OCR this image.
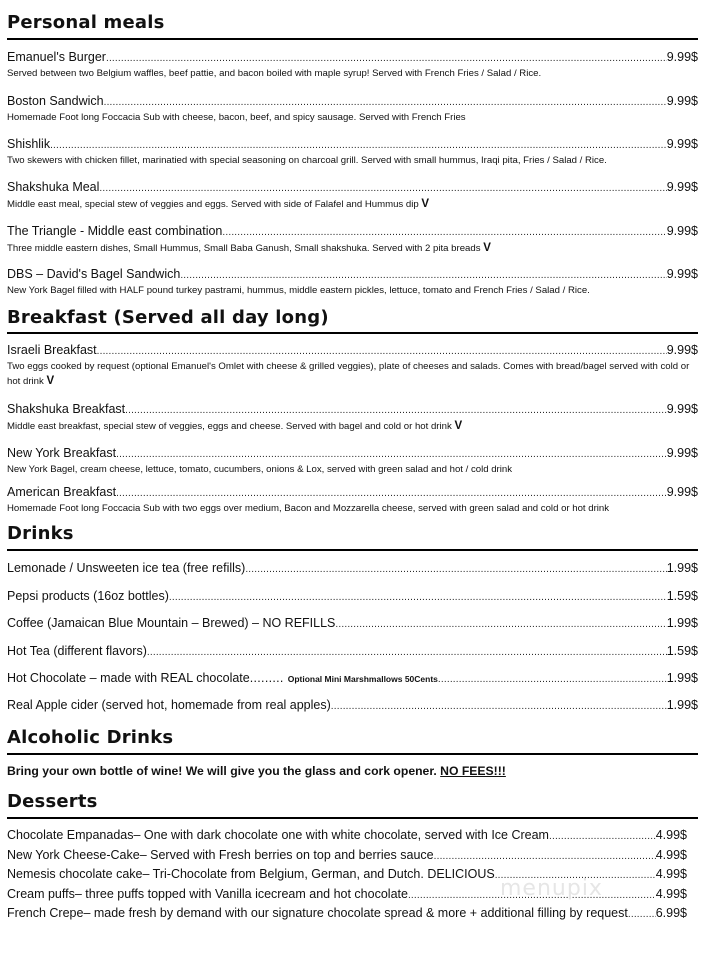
Personal meals
Emanuel's Burger .....	9.99$
Served between two Belgium waffles, beef pattie, and bacon boiled with maple syrup! Served with French Fries / Salad / Rice.
Boston Sandwich .....	9.99$
Homemade Foot long Foccacia Sub with cheese, bacon, beef, and spicy sausage. Served with French Fries
Shishlik .....	9.99$
Two skewers with chicken fillet, marinatied with special seasoning on charcoal grill. Served with small hummus, Iraqi pita, Fries / Salad / Rice.
Shakshuka Meal .....	9.99$
Middle east meal, special stew of veggies and eggs. Served with side of Falafel and Hummus dip V
The Triangle - Middle east combination .....	9.99$
Three middle eastern dishes, Small Hummus, Small Baba Ganush, Small shakshuka. Served with 2 pita breads V
DBS – David's Bagel Sandwich .....	9.99$
New York Bagel filled with HALF pound turkey pastrami, hummus, middle eastern pickles, lettuce, tomato and French Fries / Salad / Rice.
Breakfast (Served all day long)
Israeli Breakfast .....	9.99$
Two eggs cooked by request (optional Emanuel's Omlet with cheese & grilled veggies), plate of cheeses and salads. Comes with bread/bagel served with cold or hot drink V
Shakshuka Breakfast .....	9.99$
Middle east breakfast, special stew of veggies, eggs and cheese. Served with bagel and cold or hot drink V
New York Breakfast .....	9.99$
New York Bagel, cream cheese, lettuce, tomato, cucumbers, onions & Lox, served with green salad and hot / cold drink
American Breakfast .....	9.99$
Homemade Foot long Foccacia Sub with two eggs over medium, Bacon and Mozzarella cheese, served with green salad and cold or hot drink
Drinks
Lemonade / Unsweeten ice tea (free refills) .....	1.99$
Pepsi products (16oz bottles) .....	1.59$
Coffee (Jamaican Blue Mountain – Brewed) – NO REFILLS .....	1.99$
Hot Tea (different flavors) .....	1.59$
Hot Chocolate – made with REAL chocolate ......... Optional Mini Marshmallows 50Cents .....	1.99$
Real Apple cider (served hot, homemade from real apples) .....	1.99$
Alcoholic Drinks
Bring your own bottle of wine! We will give you the glass and cork opener. NO FEES!!!
Desserts
Chocolate Empanadas – One with dark chocolate one with white chocolate, served with Ice Cream .....	4.99$
New York Cheese-Cake – Served with Fresh berries on top and berries sauce .....	4.99$
Nemesis chocolate cake – Tri-Chocolate from Belgium, German, and Dutch. DELICIOUS .....	4.99$
Cream puffs – three puffs topped with Vanilla icecream and hot chocolate .....	4.99$
French Crepe – made fresh by demand with our signature chocolate spread & more + additional filling by request ..... 6.99$
menupix
